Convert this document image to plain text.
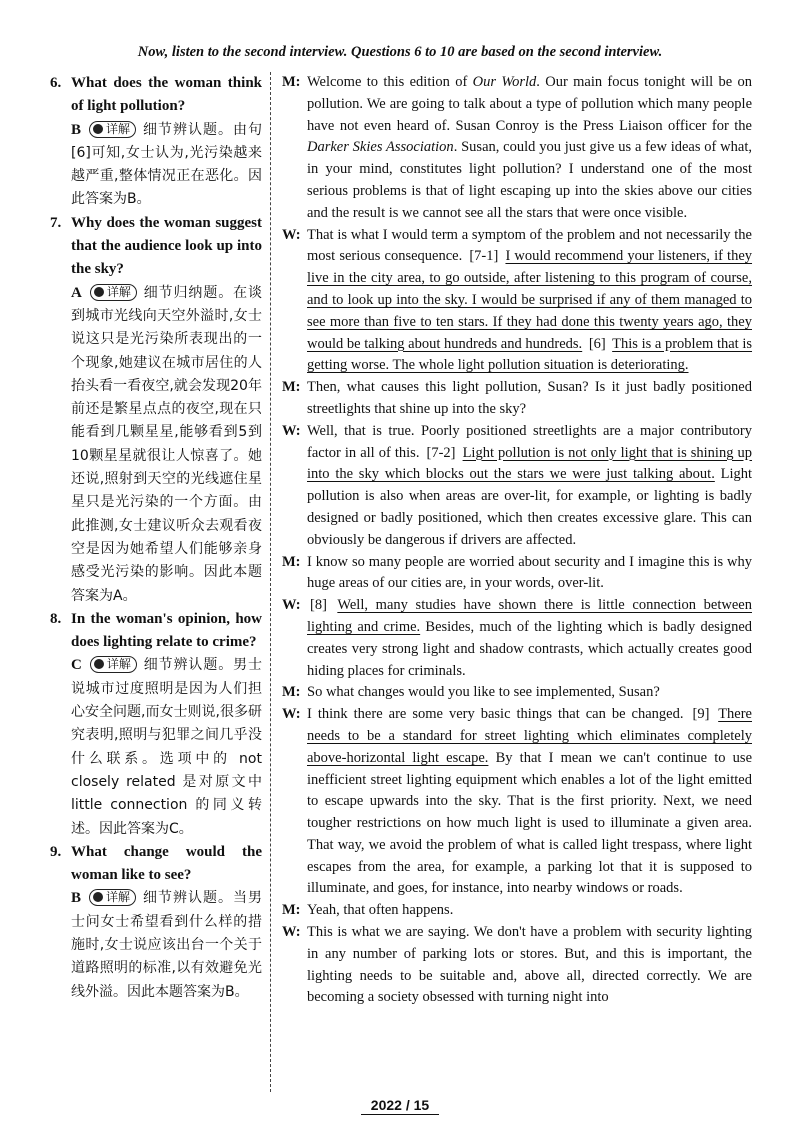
Now, listen to the second interview. Questions 6 to 10 are based on the second interview.
6. What does the woman think of light pollution?
B 详解 细节辨认题。由句[6]可知,女士认为,光污染越来越严重,整体情况正在恶化。因此答案为B。
7. Why does the woman suggest that the audience look up into the sky?
A 详解 细节归纳题。在谈到城市光线向天空外溢时,女士说这只是光污染所表现出的一个现象,她建议在城市居住的人抬头看一看夜空,就会发现20年前还是繁星点点的夜空,现在只能看到几颗星星,能够看到5到10颗星星就很让人惊喜了。她还说,照射到天空的光线遮住星星只是光污染的一个方面。由此推测,女士建议听众去观看夜空是因为她希望人们能够亲身感受光污染的影响。因此本题答案为A。
8. In the woman's opinion, how does lighting relate to crime?
C 详解 细节辨认题。男士说城市过度照明是因为人们担心安全问题,而女士则说,很多研究表明,照明与犯罪之间几乎没什么联系。选项中的 not closely related 是对原文中 little connection 的同义转述。因此答案为C。
9. What change would the woman like to see?
B 详解 细节辨认题。当男士问女士希望看到什么样的措施时,女士说应该出台一个关于道路照明的标准,以有效避免光线外溢。因此本题答案为B。
M: Welcome to this edition of Our World. Our main focus tonight will be on pollution. We are going to talk about a type of pollution which many people have not even heard of. Susan Conroy is the Press Liaison officer for the Darker Skies Association. Susan, could you just give us a few ideas of what, in your mind, constitutes light pollution? I understand one of the most serious problems is that of light escaping up into the skies above our cities and the result is we cannot see all the stars that were once visible.
W: That is what I would term a symptom of the problem and not necessarily the most serious consequence. [7-1] I would recommend your listeners, if they live in the city area, to go outside, after listening to this program of course, and to look up into the sky. I would be surprised if any of them managed to see more than five to ten stars. If they had done this twenty years ago, they would be talking about hundreds and hundreds. [6] This is a problem that is getting worse. The whole light pollution situation is deteriorating.
M: Then, what causes this light pollution, Susan? Is it just badly positioned streetlights that shine up into the sky?
W: Well, that is true. Poorly positioned streetlights are a major contributory factor in all of this. [7-2] Light pollution is not only light that is shining up into the sky which blocks out the stars we were just talking about. Light pollution is also when areas are over-lit, for example, or lighting is badly designed or badly positioned, which then creates excessive glare. This can obviously be dangerous if drivers are affected.
M: I know so many people are worried about security and I imagine this is why huge areas of our cities are, in your words, over-lit.
W: [8] Well, many studies have shown there is little connection between lighting and crime. Besides, much of the lighting which is badly designed creates very strong light and shadow contrasts, which actually creates good hiding places for criminals.
M: So what changes would you like to see implemented, Susan?
W: I think there are some very basic things that can be changed. [9] There needs to be a standard for street lighting which eliminates completely above-horizontal light escape. By that I mean we can't continue to use inefficient street lighting equipment which enables a lot of the light emitted to escape upwards into the sky. That is the first priority. Next, we need tougher restrictions on how much light is used to illuminate a given area. That way, we avoid the problem of what is called light trespass, where light escapes from the area, for example, a parking lot that it is supposed to illuminate, and goes, for instance, into nearby windows or roads.
M: Yeah, that often happens.
W: This is what we are saying. We don't have a problem with security lighting in any number of parking lots or stores. But, and this is important, the lighting needs to be suitable and, above all, directed correctly. We are becoming a society obsessed with turning night into
2022 / 15
